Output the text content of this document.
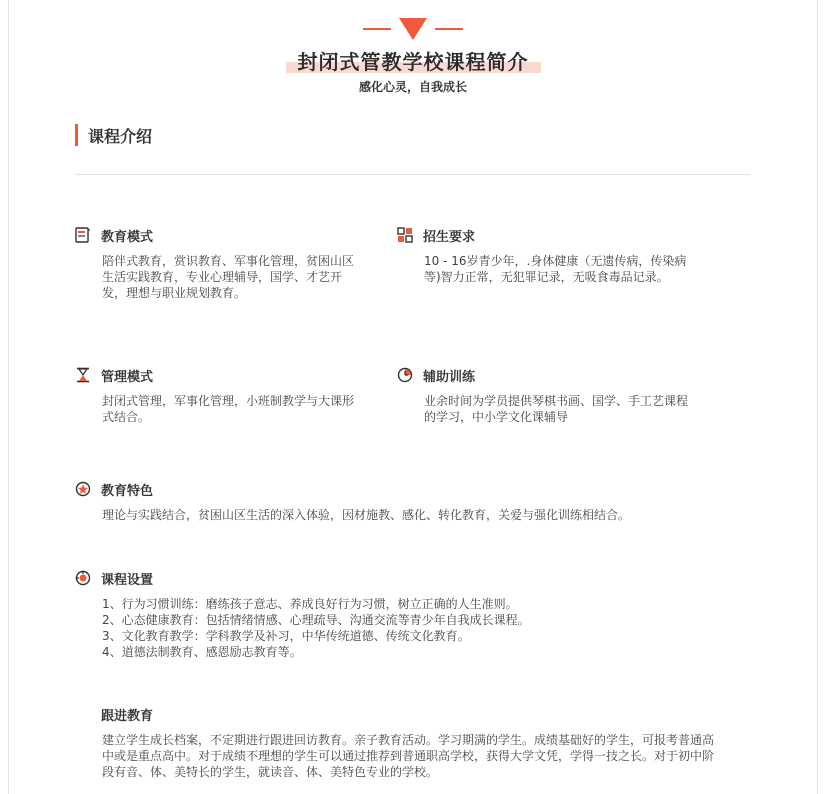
封闭式管教学校课程简介
感化心灵，自我成长
课程介绍
教育模式
陪伴式教育，赏识教育、军事化管理，贫困山区
生活实践教育，专业心理辅导，国学、才艺开
发，理想与职业规划教育。
招生要求
10 - 16岁青少年，.身体健康（无遗传病，传染病
等)智力正常，无犯罪记录，无吸食毒品记录。
管理模式
封闭式管理，军事化管理，小班制教学与大课形
式结合。
辅助训练
业余时间为学员提供琴棋书画、国学、手工艺课程
的学习，中小学文化课辅导
教育特色
理论与实践结合，贫困山区生活的深入体验，因材施教、感化、转化教育，关爱与强化训练相结合。
课程设置
1、行为习惯训练：磨练孩子意志、养成良好行为习惯，树立正确的人生准则。
2、心态健康教育：包括情绪情感、心理疏导、沟通交流等青少年自我成长课程。
3、文化教育教学：学科教学及补习，中华传统道德、传统文化教育。
4、道德法制教育、感恩励志教育等。
跟进教育
建立学生成长档案，不定期进行跟进回访教育。亲子教育活动。学习期满的学生。成绩基础好的学生，可报考普通高
中或是重点高中。对于成绩不理想的学生可以通过推荐到普通职高学校，获得大学文凭，学得一技之长。对于初中阶
段有音、体、美特长的学生，就读音、体、美特色专业的学校。
